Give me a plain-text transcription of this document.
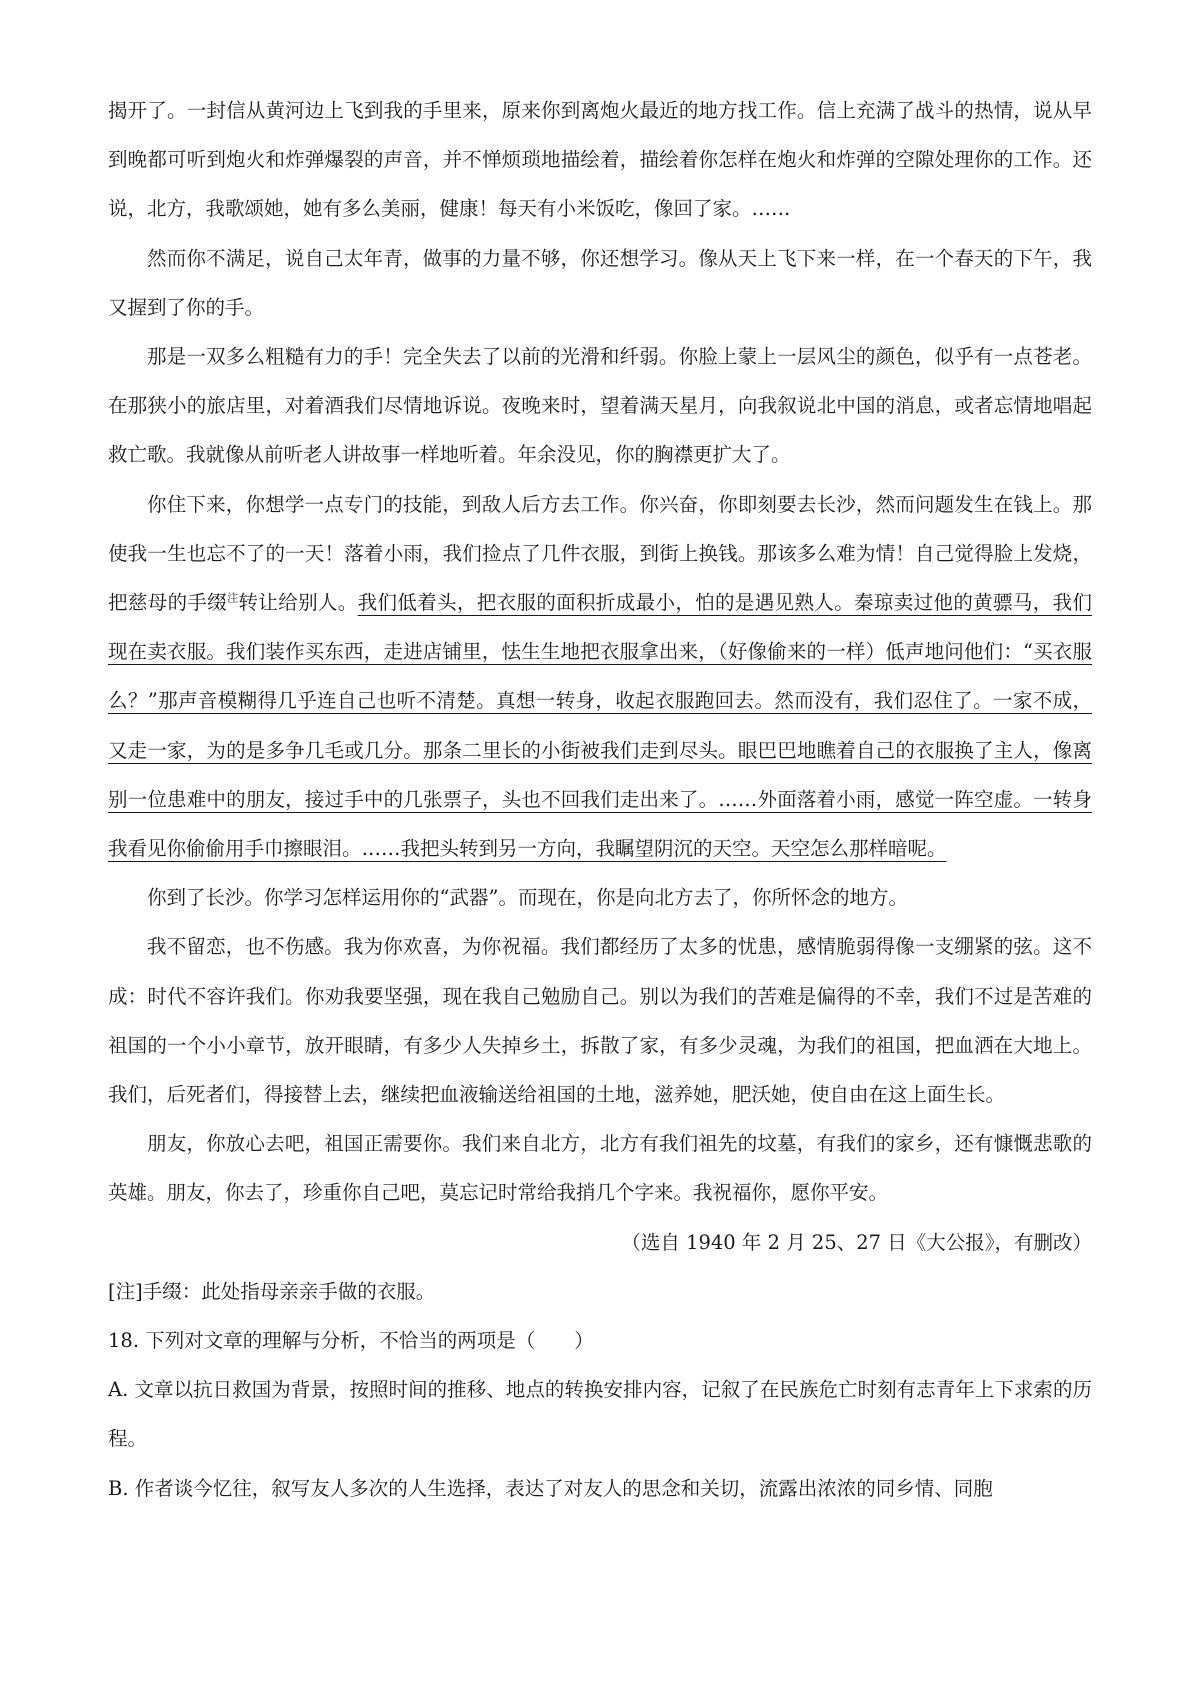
揭开了。一封信从黄河边上飞到我的手里来，原来你到离炮火最近的地方找工作。信上充满了战斗的热情，说从早到晚都可听到炮火和炸弹爆裂的声音，并不惮烦琐地描绘着，描绘着你怎样在炮火和炸弹的空隙处理你的工作。还说，北方，我歌颂她，她有多么美丽，健康！每天有小米饭吃，像回了家。……

然而你不满足，说自己太年青，做事的力量不够，你还想学习。像从天上飞下来一样，在一个春天的下午，我又握到了你的手。

那是一双多么粗糙有力的手！完全失去了以前的光滑和纤弱。你脸上蒙上一层风尘的颜色，似乎有一点苍老。在那狭小的旅店里，对着酒我们尽情地诉说。夜晚来时，望着满天星月，向我叙说北中国的消息，或者忘情地唱起救亡歌。我就像从前听老人讲故事一样地听着。年余没见，你的胸襟更扩大了。

你住下来，你想学一点专门的技能，到敌人后方去工作。你兴奋，你即刻要去长沙，然而问题发生在钱上。那使我一生也忘不了的一天！落着小雨，我们捡点了几件衣服，到街上换钱。那该多么难为情！自己觉得脸上发烧，把慈母的手缀$^注$转让给别人。我们低着头，把衣服的面积折成最小，怕的是遇见熟人。秦琼卖过他的黄骠马，我们现在卖衣服。我们装作买东西，走进店铺里，怯生生地把衣服拿出来，（好像偷来的一样）低声地问他们：“买衣服么？”那声音模糊得几乎连自己也听不清楚。真想一转身，收起衣服跑回去。然而没有，我们忍住了。一家不成，又走一家，为的是多争几毛或几分。那条二里长的小街被我们走到尽头。眼巴巴地瞧着自己的衣服换了主人，像离别一位患难中的朋友，接过手中的几张票子，头也不回我们走出来了。……外面落着小雨，感觉一阵空虚。一转身我看见你偷偷用手巾擦眼泪。……我把头转到另一方向，我瞩望阴沉的天空。天空怎么那样暗呢。

你到了长沙。你学习怎样运用你的“武器”。而现在，你是向北方去了，你所怀念的地方。

我不留恋，也不伤感。我为你欢喜，为你祝福。我们都经历了太多的忧患，感情脆弱得像一支绷紧的弦。这不成：时代不容许我们。你劝我要坚强，现在我自己勉励自己。别以为我们的苦难是偏得的不幸，我们不过是苦难的祖国的一个小小章节，放开眼睛，有多少人失掉乡土，拆散了家，有多少灵魂，为我们的祖国，把血洒在大地上。我们，后死者们，得接替上去，继续把血液输送给祖国的土地，滋养她，肥沃她，使自由在这上面生长。

朋友，你放心去吧，祖国正需要你。我们来自北方，北方有我们祖先的坟墓，有我们的家乡，还有慷慨悲歌的英雄。朋友，你去了，珍重你自己吧，莫忘记时常给我捎几个字来。我祝福你，愿你平安。

（选自 1940 年 2 月 25、27 日《大公报》，有删改）

[注]手缀：此处指母亲亲手做的衣服。

18. 下列对文章的理解与分析，不恰当的两项是（　　）

A. 文章以抗日救国为背景，按照时间的推移、地点的转换安排内容，记叙了在民族危亡时刻有志青年上下求索的历程。

B. 作者谈今忆往，叙写友人多次的人生选择，表达了对友人的思念和关切，流露出浓浓的同乡情、同胞
